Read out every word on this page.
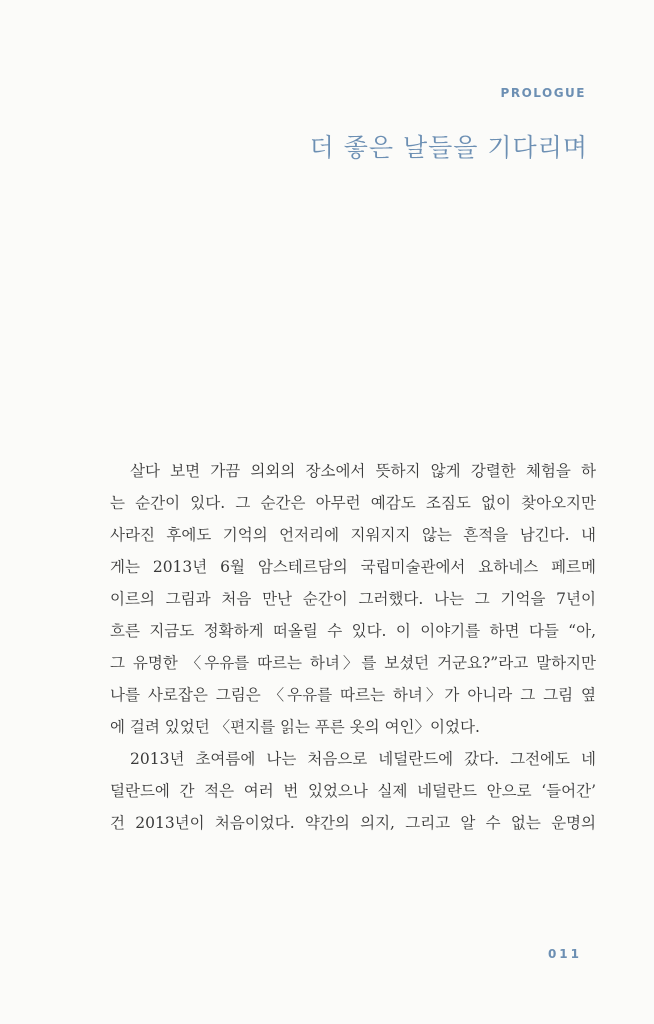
PROLOGUE
더 좋은 날들을 기다리며
살다 보면 가끔 의외의 장소에서 뜻하지 않게 강렬한 체험을 하
는 순간이 있다. 그 순간은 아무런 예감도 조짐도 없이 찾아오지만
사라진 후에도 기억의 언저리에 지워지지 않는 흔적을 남긴다. 내
게는 2013년 6월 암스테르담의 국립미술관에서 요하네스 페르메
이르의 그림과 처음 만난 순간이 그러했다. 나는 그 기억을 7년이
흐른 지금도 정확하게 떠올릴 수 있다. 이 이야기를 하면 다들 “아,
그 유명한 〈우유를 따르는 하녀〉를 보셨던 거군요?”라고 말하지만
나를 사로잡은 그림은 〈우유를 따르는 하녀〉가 아니라 그 그림 옆
에 걸려 있었던 〈편지를 읽는 푸른 옷의 여인〉이었다.
2013년 초여름에 나는 처음으로 네덜란드에 갔다. 그전에도 네
덜란드에 간 적은 여러 번 있었으나 실제 네덜란드 안으로 ‘들어간’
건 2013년이 처음이었다. 약간의 의지, 그리고 알 수 없는 운명의
011
